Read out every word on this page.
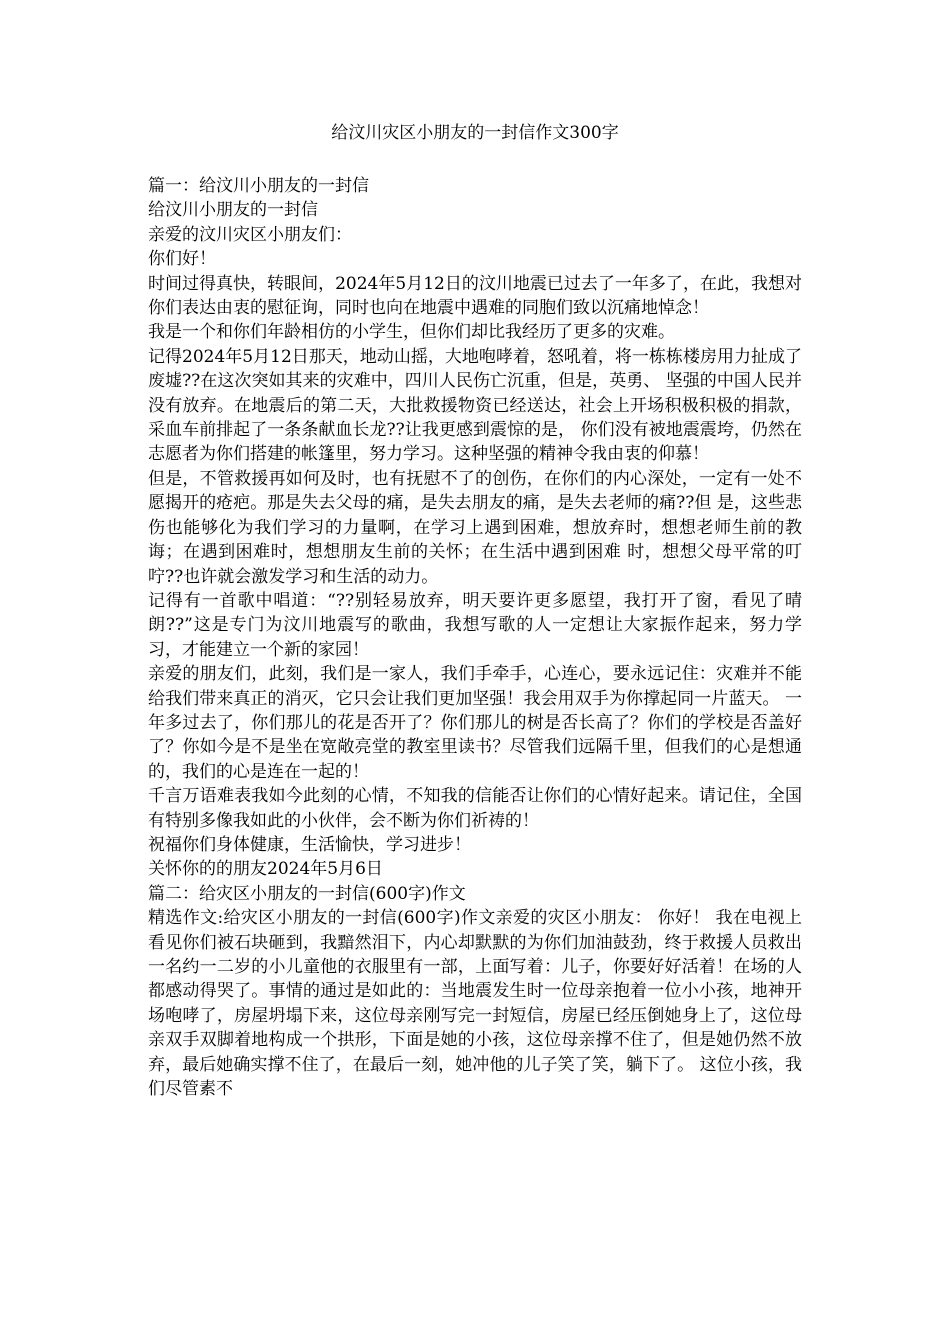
给汶川灾区小朋友的一封信作文300字

篇一：给汶川小朋友的一封信

给汶川小朋友的一封信

亲爱的汶川灾区小朋友们：

你们好！

时间过得真快，转眼间，2024年5月12日的汶川地震已过去了一年多了，在此，我想对你们表达由衷的慰征询，同时也向在地震中遇难的同胞们致以沉痛地悼念！

我是一个和你们年龄相仿的小学生，但你们却比我经历了更多的灾难。

记得2024年5月12日那天，地动山摇，大地咆哮着，怒吼着，将一栋栋楼房用力扯成了废墟??在这次突如其来的灾难中，四川人民伤亡沉重，但是，英勇、 坚强的中国人民并没有放弃。在地震后的第二天，大批救援物资已经送达，社会上开场积极积极的捐款，采血车前排起了一条条献血长龙??让我更感到震惊的是， 你们没有被地震震垮，仍然在志愿者为你们搭建的帐篷里，努力学习。这种坚强的精神令我由衷的仰慕！

但是，不管救援再如何及时，也有抚慰不了的创伤，在你们的内心深处，一定有一处不愿揭开的疮疤。那是失去父母的痛，是失去朋友的痛，是失去老师的痛??但 是，这些悲伤也能够化为我们学习的力量啊，在学习上遇到困难，想放弃时，想想老师生前的教诲；在遇到困难时，想想朋友生前的关怀；在生活中遇到困难 时，想想父母平常的叮咛??也许就会激发学习和生活的动力。

记得有一首歌中唱道：“??别轻易放弃，明天要许更多愿望，我打开了窗，看见了晴朗??”这是专门为汶川地震写的歌曲，我想写歌的人一定想让大家振作起来，努力学习，才能建立一个新的家园！

亲爱的朋友们，此刻，我们是一家人，我们手牵手，心连心，要永远记住：灾难并不能给我们带来真正的消灭，它只会让我们更加坚强！我会用双手为你撑起同一片蓝天。 一年多过去了，你们那儿的花是否开了？你们那儿的树是否长高了？你们的学校是否盖好了？你如今是不是坐在宽敞亮堂的教室里读书？尽管我们远隔千里，但我们的心是想通的，我们的心是连在一起的！

千言万语难表我如今此刻的心情，不知我的信能否让你们的心情好起来。请记住，全国有特别多像我如此的小伙伴，会不断为你们祈祷的！

祝福你们身体健康，生活愉快，学习进步！

关怀你的的朋友2024年5月6日

篇二：给灾区小朋友的一封信(600字)作文

精选作文:给灾区小朋友的一封信(600字)作文亲爱的灾区小朋友： 你好！ 我在电视上看见你们被石块砸到，我黯然泪下，内心却默默的为你们加油鼓劲，终于救援人员救出一名约一二岁的小儿童他的衣服里有一部，上面写着：儿子，你要好好活着！在场的人都感动得哭了。事情的通过是如此的：当地震发生时一位母亲抱着一位小小孩，地神开场咆哮了，房屋坍塌下来，这位母亲刚写完一封短信，房屋已经压倒她身上了，这位母亲双手双脚着地构成一个拱形，下面是她的小孩，这位母亲撑不住了，但是她仍然不放弃，最后她确实撑不住了，在最后一刻，她冲他的儿子笑了笑，躺下了。 这位小孩，我们尽管素不
